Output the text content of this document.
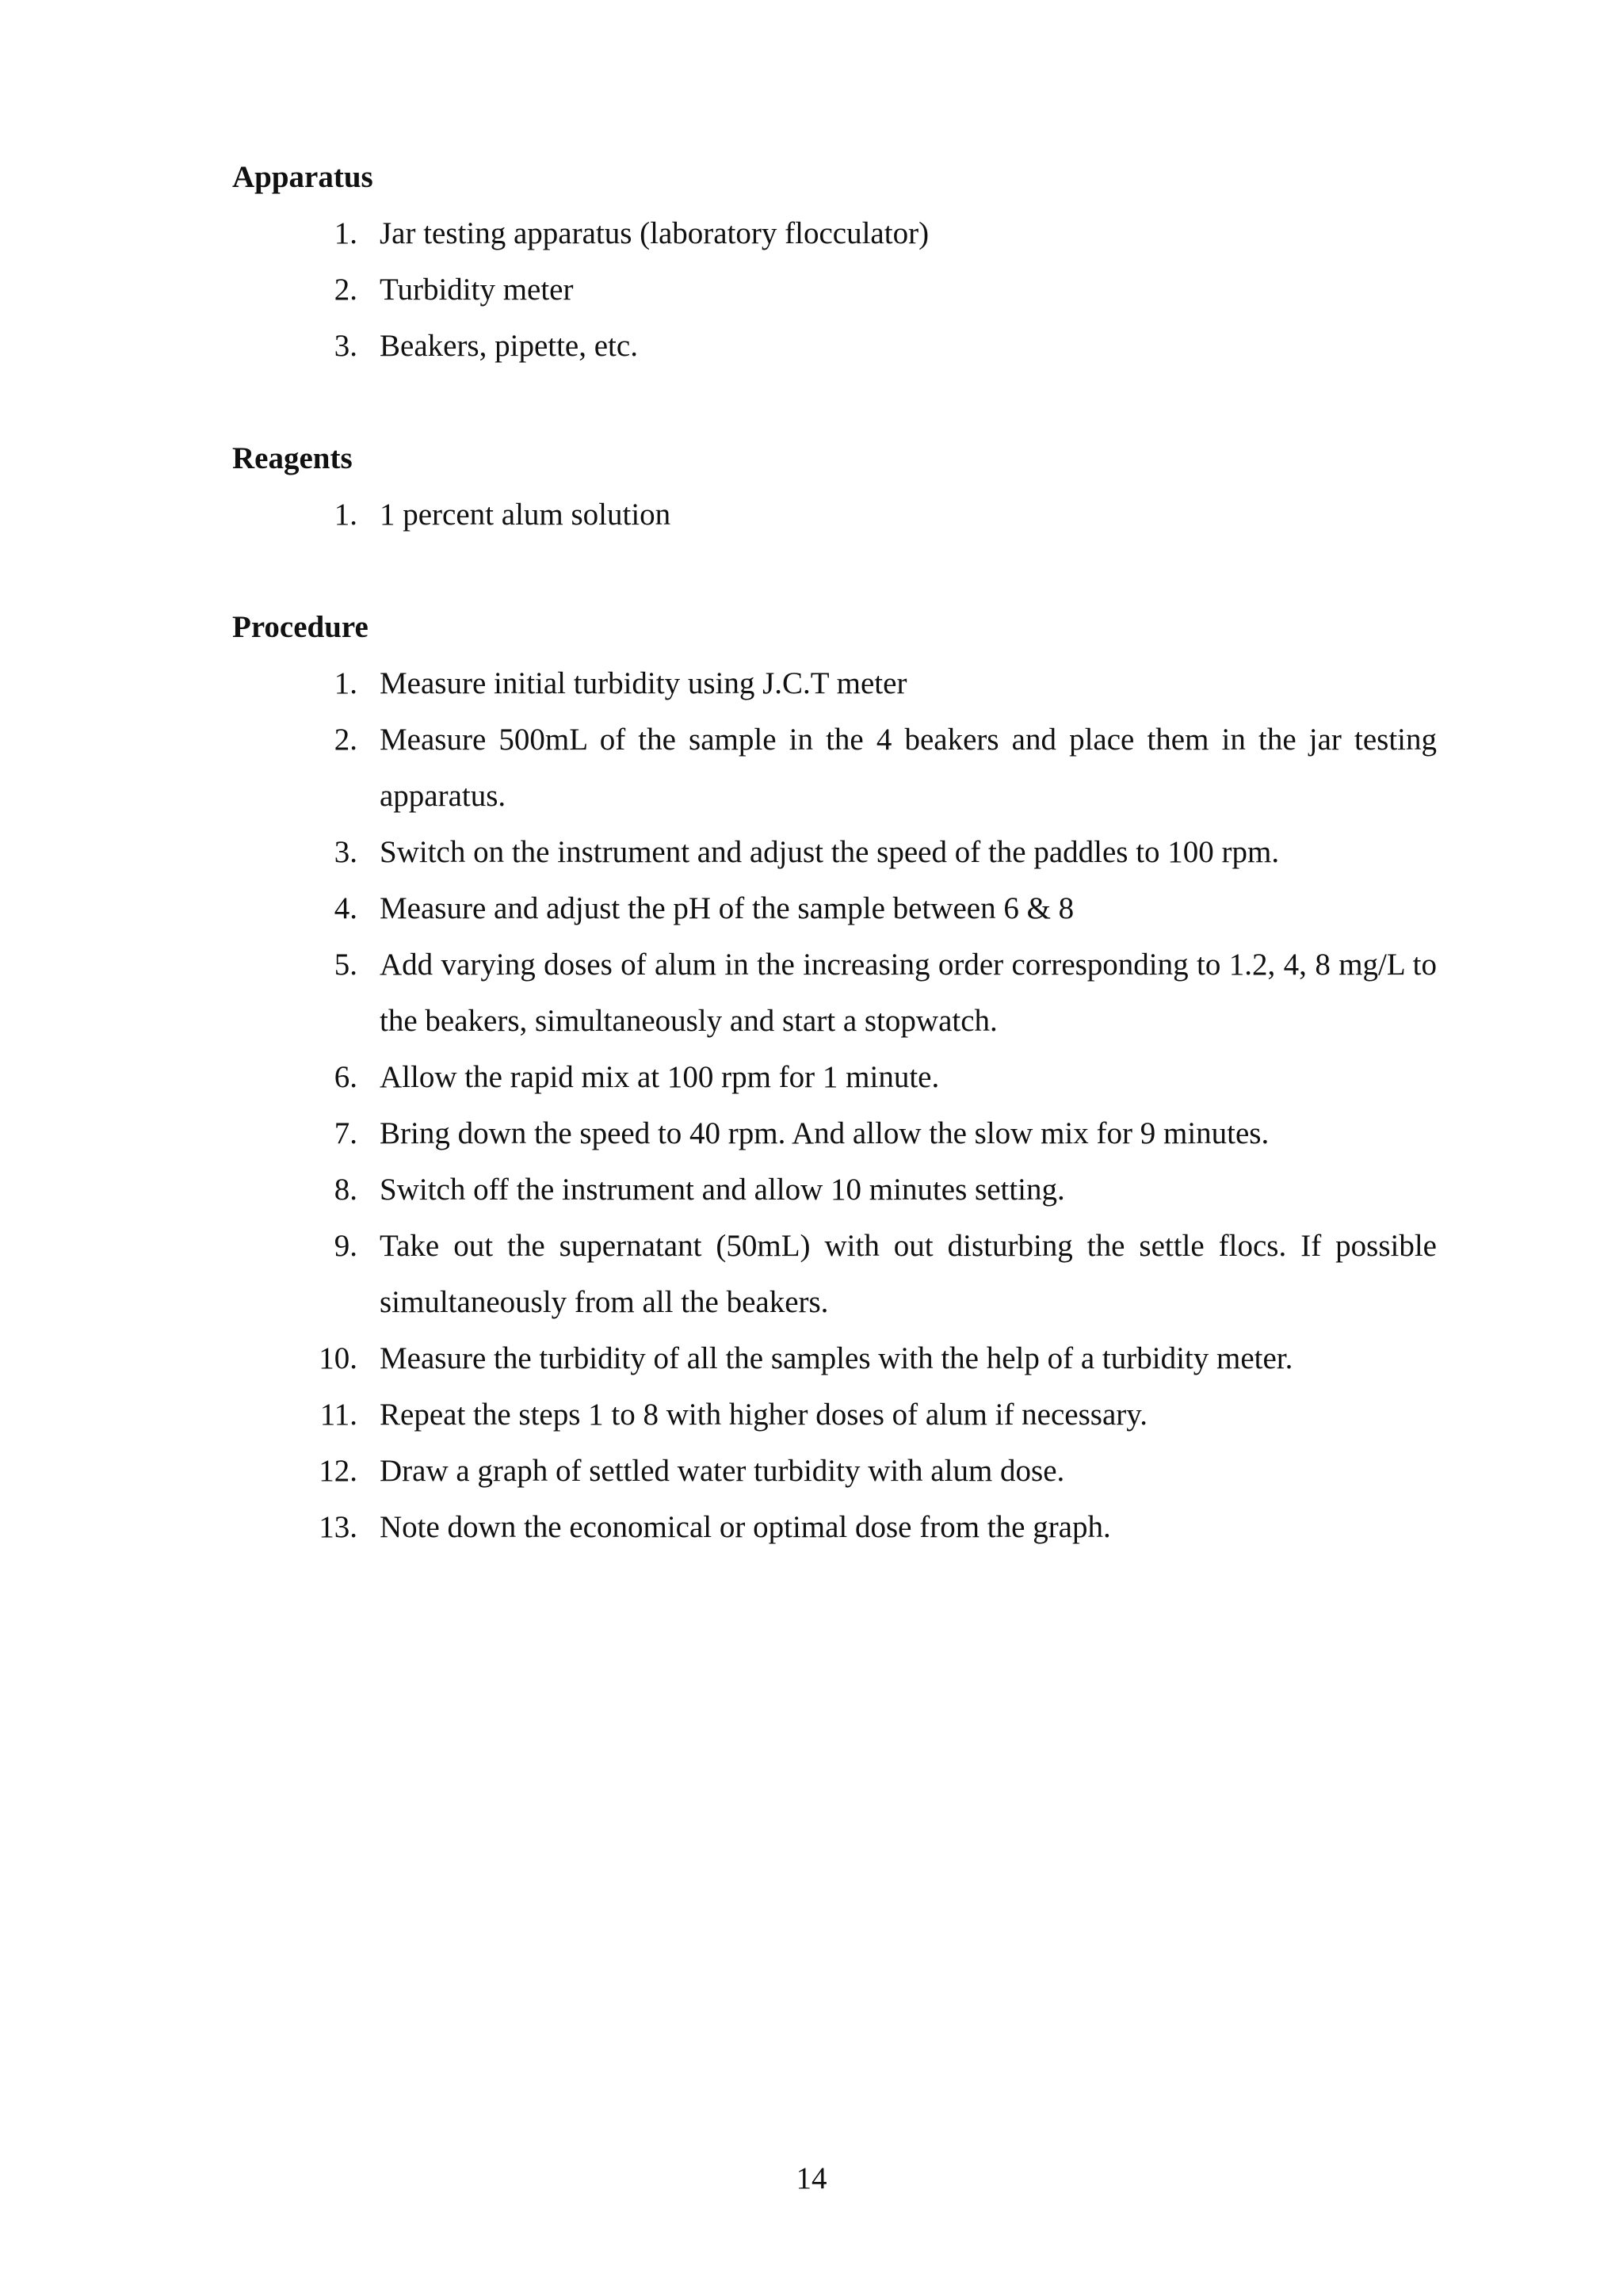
Apparatus
1. Jar testing apparatus (laboratory flocculator)
2. Turbidity meter
3. Beakers, pipette, etc.
Reagents
1. 1 percent alum solution
Procedure
1. Measure initial turbidity using J.C.T meter
2. Measure 500mL of the sample in the 4 beakers and place them in the jar testing apparatus.
3. Switch on the instrument and adjust the speed of the paddles to 100 rpm.
4. Measure and adjust the pH of the sample between 6 & 8
5. Add varying doses of alum in the increasing order corresponding to 1.2, 4, 8 mg/L to the beakers, simultaneously and start a stopwatch.
6. Allow the rapid mix at 100 rpm for 1 minute.
7. Bring down the speed to 40 rpm. And allow the slow mix for 9 minutes.
8. Switch off the instrument and allow 10 minutes setting.
9. Take out the supernatant (50mL) with out disturbing the settle flocs. If possible simultaneously from all the beakers.
10. Measure the turbidity of all the samples with the help of a turbidity meter.
11. Repeat the steps 1 to 8 with higher doses of alum if necessary.
12. Draw a graph of settled water turbidity with alum dose.
13. Note down the economical or optimal dose from the graph.
14
